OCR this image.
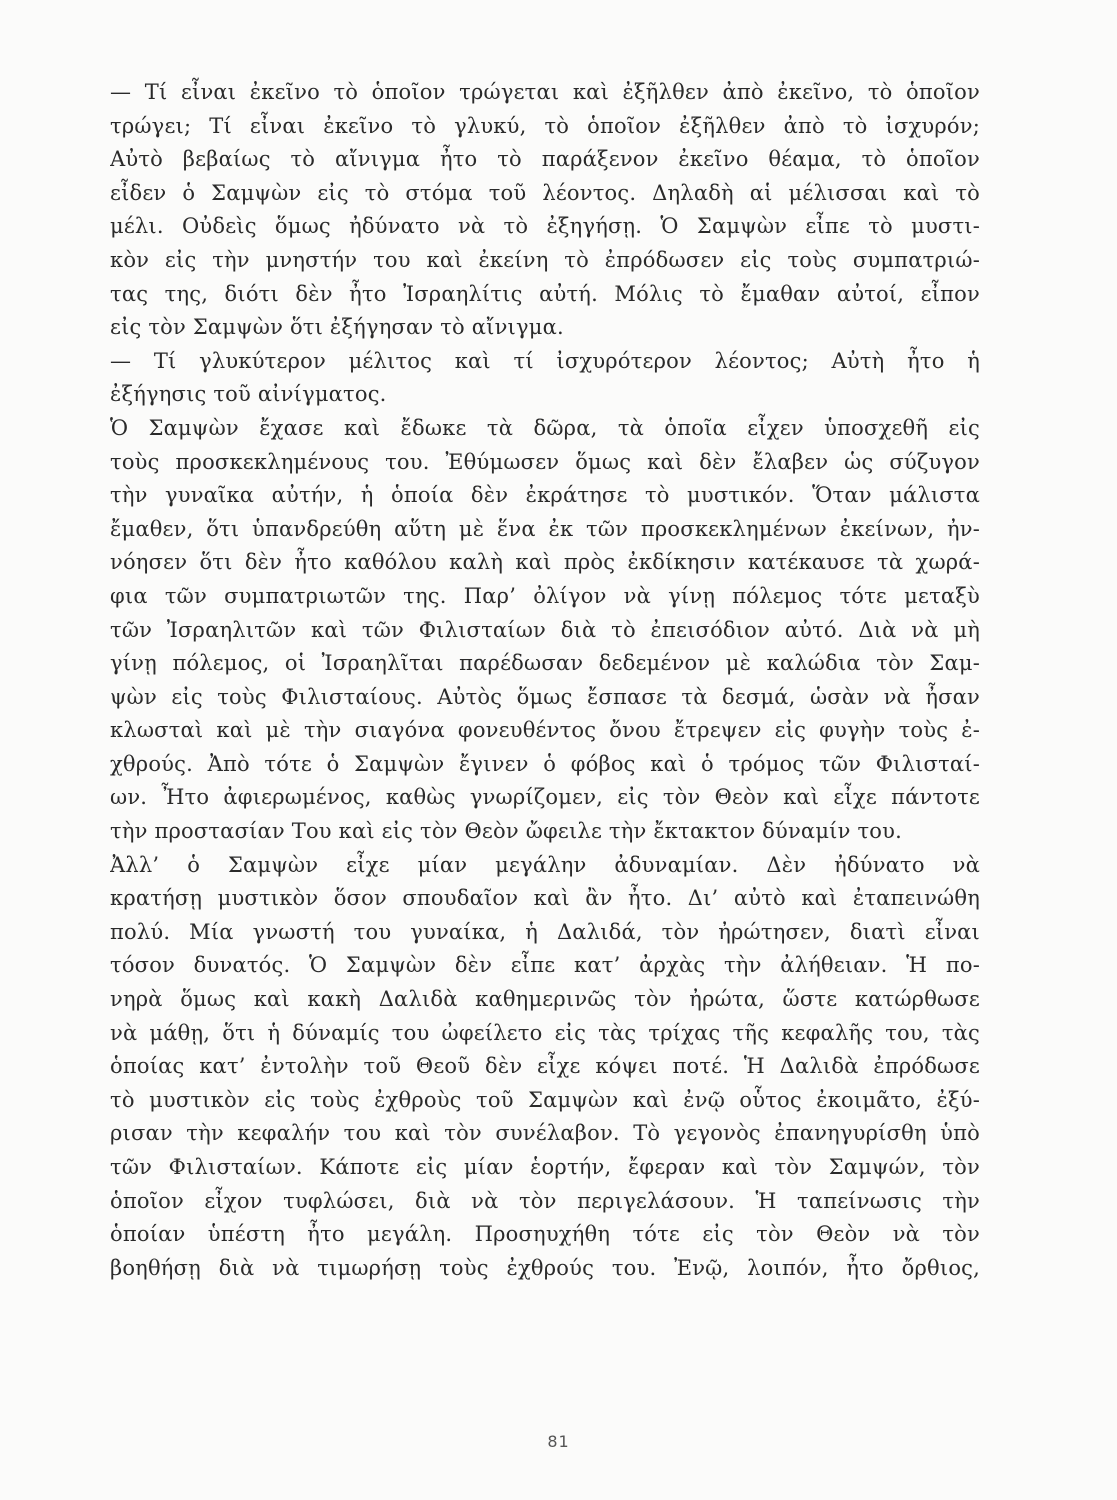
— Τί εἶναι ἐκεῖνο τὸ ὁποῖον τρώγεται καὶ ἐξῆλθεν ἀπὸ ἐκεῖνο, τὸ ὁποῖον
τρώγει; Τί εἶναι ἐκεῖνο τὸ γλυκύ, τὸ ὁποῖον ἐξῆλθεν ἀπὸ τὸ ἰσχυρόν;
Αὐτὸ βεβαίως τὸ αἴνιγμα ἦτο τὸ παράξενον ἐκεῖνο θέαμα, τὸ ὁποῖον
εἶδεν ὁ Σαμψὼν εἰς τὸ στόμα τοῦ λέοντος. Δηλαδὴ αἱ μέλισσαι καὶ τὸ
μέλι. Οὐδεὶς ὅμως ἠδύνατο νὰ τὸ ἐξηγήσῃ. Ὁ Σαμψὼν εἶπε τὸ μυστι-
κὸν εἰς τὴν μνηστήν του καὶ ἐκείνη τὸ ἐπρόδωσεν εἰς τοὺς συμπατριώ-
τας της, διότι δὲν ἦτο Ἰσραηλίτις αὐτή. Μόλις τὸ ἔμαθαν αὐτοί, εἶπον
εἰς τὸν Σαμψὼν ὅτι ἐξήγησαν τὸ αἴνιγμα.
— Τί γλυκύτερον μέλιτος καὶ τί ἰσχυρότερον λέοντος; Αὐτὴ ἦτο ἡ
ἐξήγησις τοῦ αἰνίγματος.
Ὁ Σαμψὼν ἔχασε καὶ ἔδωκε τὰ δῶρα, τὰ ὁποῖα εἶχεν ὑποσχεθῆ εἰς
τοὺς προσκεκλημένους του. Ἐθύμωσεν ὅμως καὶ δὲν ἔλαβεν ὡς σύζυγον
τὴν γυναῖκα αὐτήν, ἡ ὁποία δὲν ἐκράτησε τὸ μυστικόν. Ὅταν μάλιστα
ἔμαθεν, ὅτι ὑπανδρεύθη αὕτη μὲ ἕνα ἐκ τῶν προσκεκλημένων ἐκείνων, ἠν-
νόησεν ὅτι δὲν ἦτο καθόλου καλὴ καὶ πρὸς ἐκδίκησιν κατέκαυσε τὰ χωρά-
φια τῶν συμπατριωτῶν της. Παρ’ ὀλίγον νὰ γίνῃ πόλεμος τότε μεταξὺ
τῶν Ἰσραηλιτῶν καὶ τῶν Φιλισταίων διὰ τὸ ἐπεισόδιον αὐτό. Διὰ νὰ μὴ
γίνῃ πόλεμος, οἱ Ἰσραηλῖται παρέδωσαν δεδεμένον μὲ καλώδια τὸν Σαμ-
ψὼν εἰς τοὺς Φιλισταίους. Αὐτὸς ὅμως ἔσπασε τὰ δεσμά, ὡσὰν νὰ ἦσαν
κλωσταὶ καὶ μὲ τὴν σιαγόνα φονευθέντος ὄνου ἔτρεψεν εἰς φυγὴν τοὺς ἐ-
χθρούς. Ἀπὸ τότε ὁ Σαμψὼν ἔγινεν ὁ φόβος καὶ ὁ τρόμος τῶν Φιλισταί-
ων. Ἦτο ἀφιερωμένος, καθὼς γνωρίζομεν, εἰς τὸν Θεὸν καὶ εἶχε πάντοτε
τὴν προστασίαν Του καὶ εἰς τὸν Θεὸν ὤφειλε τὴν ἔκτακτον δύναμίν του.
Ἀλλ’ ὁ Σαμψὼν εἶχε μίαν μεγάλην ἀδυναμίαν. Δὲν ἠδύνατο νὰ
κρατήσῃ μυστικὸν ὅσον σπουδαῖον καὶ ἂν ἦτο. Δι’ αὐτὸ καὶ ἐταπεινώθη
πολύ. Μία γνωστή του γυναίκα, ἡ Δαλιδά, τὸν ἠρώτησεν, διατὶ εἶναι
τόσον δυνατός. Ὁ Σαμψὼν δὲν εἶπε κατ’ ἀρχὰς τὴν ἀλήθειαν. Ἡ πο-
νηρὰ ὅμως καὶ κακὴ Δαλιδὰ καθημερινῶς τὸν ἠρώτα, ὥστε κατώρθωσε
νὰ μάθῃ, ὅτι ἡ δύναμίς του ὠφείλετο εἰς τὰς τρίχας τῆς κεφαλῆς του, τὰς
ὁποίας κατ’ ἐντολὴν τοῦ Θεοῦ δὲν εἶχε κόψει ποτέ. Ἡ Δαλιδὰ ἐπρόδωσε
τὸ μυστικὸν εἰς τοὺς ἐχθροὺς τοῦ Σαμψὼν καὶ ἐνῷ οὗτος ἐκοιμᾶτο, ἐξύ-
ρισαν τὴν κεφαλήν του καὶ τὸν συνέλαβον. Τὸ γεγονὸς ἐπανηγυρίσθη ὑπὸ
τῶν Φιλισταίων. Κάποτε εἰς μίαν ἑορτήν, ἔφεραν καὶ τὸν Σαμψών, τὸν
ὁποῖον εἶχον τυφλώσει, διὰ νὰ τὸν περιγελάσουν. Ἡ ταπείνωσις τὴν
ὁποίαν ὑπέστη ἦτο μεγάλη. Προσηυχήθη τότε εἰς τὸν Θεὸν νὰ τὸν
βοηθήσῃ διὰ νὰ τιμωρήσῃ τοὺς ἐχθρούς του. Ἐνῷ, λοιπόν, ἦτο ὄρθιος,
81
